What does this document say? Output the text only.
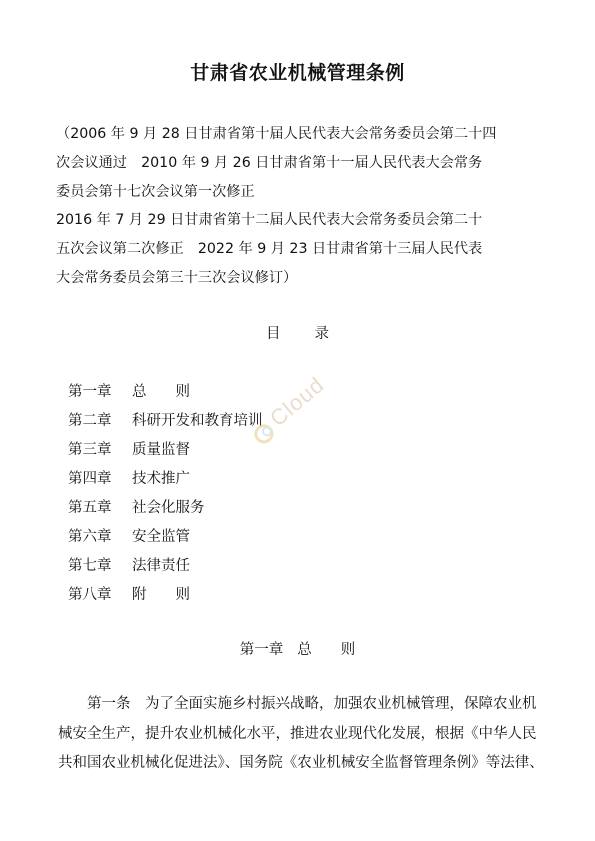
甘肃省农业机械管理条例

（2006 年 9 月 28 日甘肃省第十届人民代表大会常务委员会第二十四

次会议通过　2010 年 9 月 26 日甘肃省第十一届人民代表大会常务

委员会第十七次会议第一次修正

2016 年 7 月 29 日甘肃省第十二届人民代表大会常务委员会第二十

五次会议第二次修正　2022 年 9 月 23 日甘肃省第十三届人民代表

大会常务委员会第三十三次会议修订）

目 录
第一章 总　　则
第二章 科研开发和教育培训
第三章 质量监督
第四章 技术推广
第五章 社会化服务
第六章 安全监管
第七章 法律责任
第八章 附　　则
Cloud
第一章 总　　则

　　第一条　为了全面实施乡村振兴战略，加强农业机械管理，保障农业机

械安全生产，提升农业机械化水平，推进农业现代化发展，根据《中华人民

共和国农业机械化促进法》、国务院《农业机械安全监督管理条例》等法律、
